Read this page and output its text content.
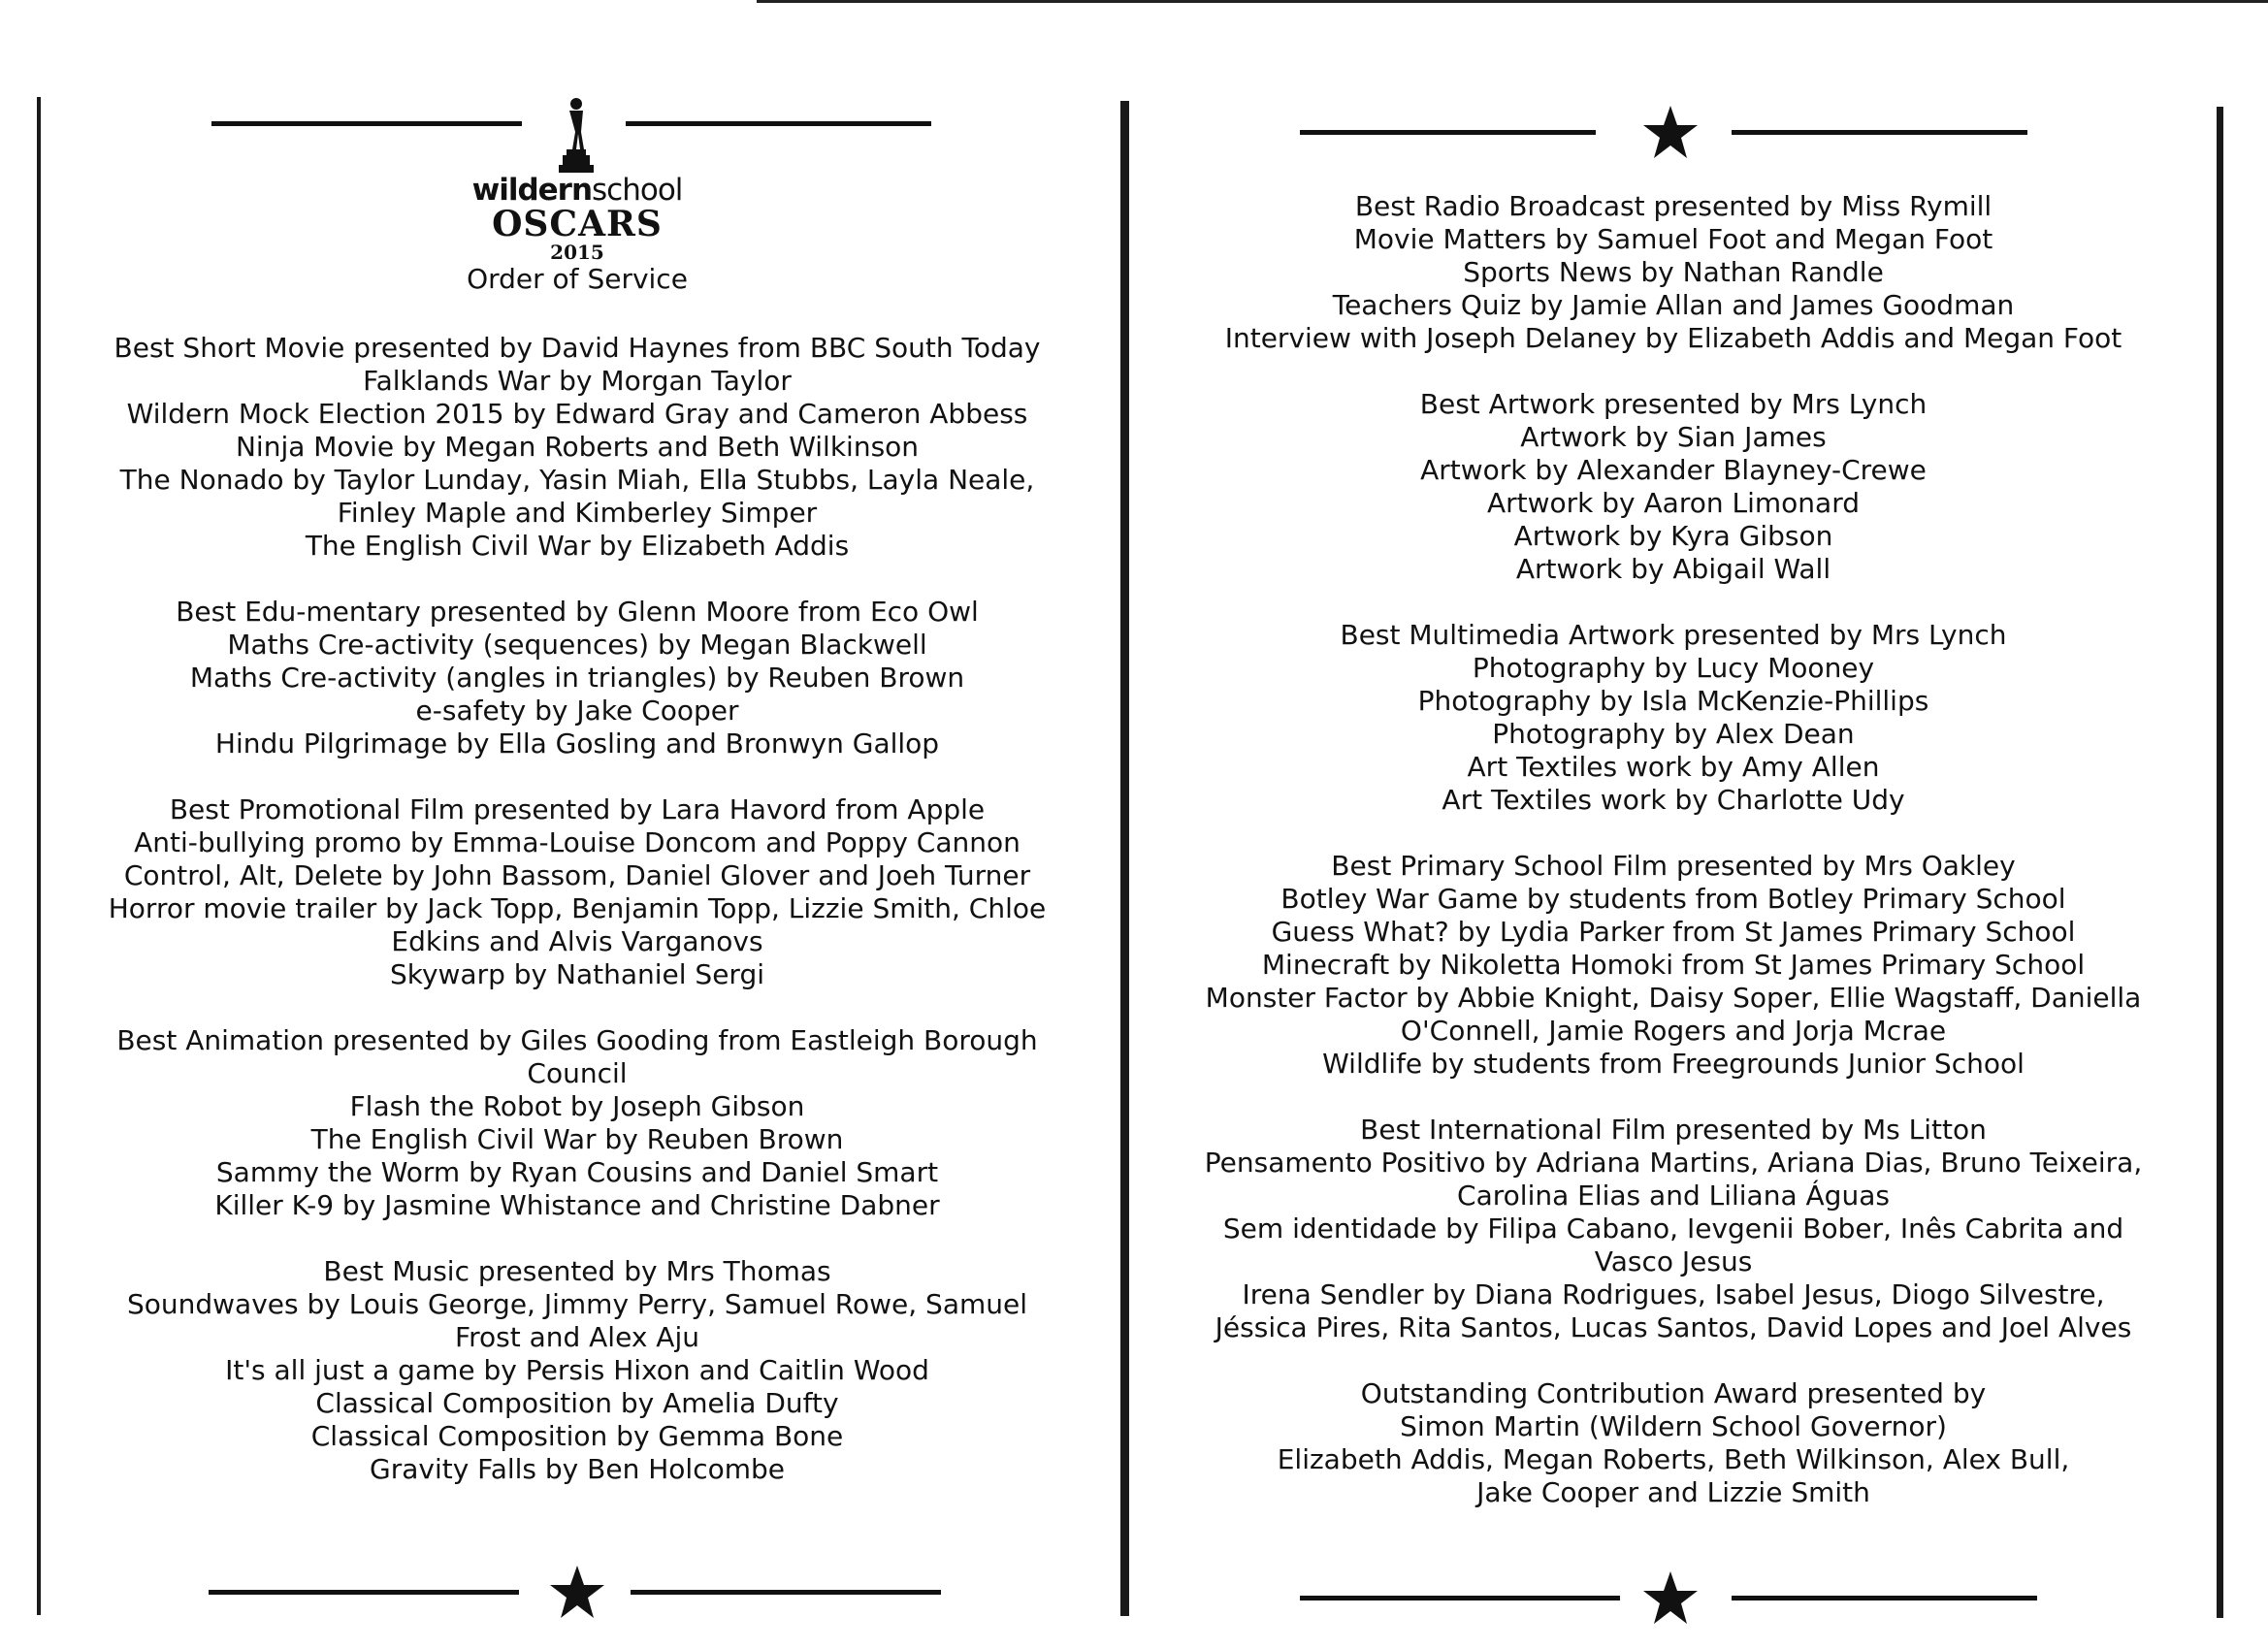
wildernschool
OSCARS
2015
Order of Service
Best Short Movie presented by David Haynes from BBC South Today
Falklands War by Morgan Taylor
Wildern Mock Election 2015 by Edward Gray and Cameron Abbess
Ninja Movie by Megan Roberts and Beth Wilkinson
The Nonado by Taylor Lunday, Yasin Miah, Ella Stubbs, Layla Neale,
Finley Maple and Kimberley Simper
The English Civil War by Elizabeth Addis
Best Edu-mentary presented by Glenn Moore from Eco Owl
Maths Cre-activity (sequences) by Megan Blackwell
Maths Cre-activity (angles in triangles) by Reuben Brown
e-safety by Jake Cooper
Hindu Pilgrimage by Ella Gosling and Bronwyn Gallop
Best Promotional Film presented by Lara Havord from Apple
Anti-bullying promo by Emma-Louise Doncom and Poppy Cannon
Control, Alt, Delete by John Bassom, Daniel Glover and Joeh Turner
Horror movie trailer by Jack Topp, Benjamin Topp, Lizzie Smith, Chloe
Edkins and Alvis Varganovs
Skywarp by Nathaniel Sergi
Best Animation presented by Giles Gooding from Eastleigh Borough
Council
Flash the Robot by Joseph Gibson
The English Civil War by Reuben Brown
Sammy the Worm by Ryan Cousins and Daniel Smart
Killer K-9 by Jasmine Whistance and Christine Dabner
Best Music presented by Mrs Thomas
Soundwaves by Louis George, Jimmy Perry, Samuel Rowe, Samuel
Frost and Alex Aju
It's all just a game by Persis Hixon and Caitlin Wood
Classical Composition by Amelia Dufty
Classical Composition by Gemma Bone
Gravity Falls by Ben Holcombe
Best Radio Broadcast presented by Miss Rymill
Movie Matters by Samuel Foot and Megan Foot
Sports News by Nathan Randle
Teachers Quiz by Jamie Allan and James Goodman
Interview with Joseph Delaney by Elizabeth Addis and Megan Foot
Best Artwork presented by Mrs Lynch
Artwork by Sian James
Artwork by Alexander Blayney-Crewe
Artwork by Aaron Limonard
Artwork by Kyra Gibson
Artwork by Abigail Wall
Best Multimedia Artwork presented by Mrs Lynch
Photography by Lucy Mooney
Photography by Isla McKenzie-Phillips
Photography by Alex Dean
Art Textiles work by Amy Allen
Art Textiles work by Charlotte Udy
Best Primary School Film presented by Mrs Oakley
Botley War Game by students from Botley Primary School
Guess What? by Lydia Parker from St James Primary School
Minecraft by Nikoletta Homoki from St James Primary School
Monster Factor by Abbie Knight, Daisy Soper, Ellie Wagstaff, Daniella
O'Connell, Jamie Rogers and Jorja Mcrae
Wildlife by students from Freegrounds Junior School
Best International Film presented by Ms Litton
Pensamento Positivo by Adriana Martins, Ariana Dias, Bruno Teixeira,
Carolina Elias and Liliana Águas
Sem identidade by Filipa Cabano, Ievgenii Bober, Inês Cabrita and
Vasco Jesus
Irena Sendler by Diana Rodrigues, Isabel Jesus, Diogo Silvestre,
Jéssica Pires, Rita Santos, Lucas Santos, David Lopes and Joel Alves
Outstanding Contribution Award presented by
Simon Martin (Wildern School Governor)
Elizabeth Addis, Megan Roberts, Beth Wilkinson, Alex Bull,
Jake Cooper and Lizzie Smith
